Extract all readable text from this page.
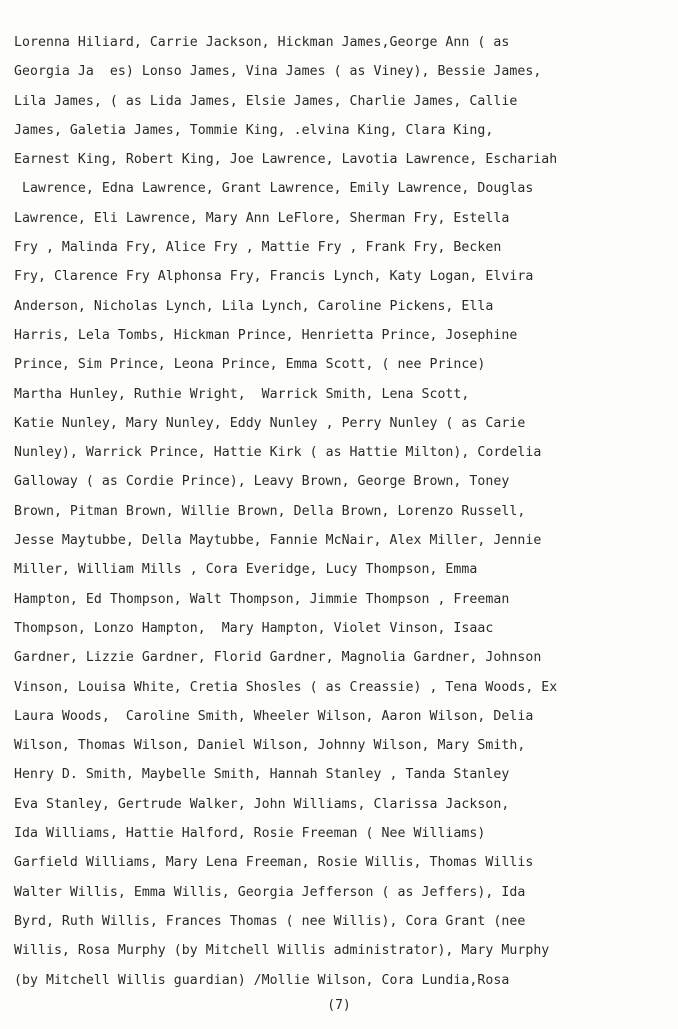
Lorenna Hiliard, Carrie Jackson, Hickman James,George Ann ( as
Georgia Ja  es) Lonso James, Vina James ( as Viney), Bessie James,
Lila James, ( as Lida James, Elsie James, Charlie James, Callie
James, Galetia James, Tommie King, .elvina King, Clara King,
Earnest King, Robert King, Joe Lawrence, Lavotia Lawrence, Eschariah
Lawrence, Edna Lawrence, Grant Lawrence, Emily Lawrence, Douglas
Lawrence, Eli Lawrence, Mary Ann LeFlore, Sherman Fry, Estella
Fry , Malinda Fry, Alice Fry , Mattie Fry , Frank Fry, Becken
Fry, Clarence Fry Alphonsa Fry, Francis Lynch, Katy Logan, Elvira
Anderson, Nicholas Lynch, Lila Lynch, Caroline Pickens, Ella
Harris, Lela Tombs, Hickman Prince, Henrietta Prince, Josephine
Prince, Sim Prince, Leona Prince, Emma Scott, ( nee Prince)
Martha Hunley, Ruthie Wright,  Warrick Smith, Lena Scott,
Katie Nunley, Mary Nunley, Eddy Nunley , Perry Nunley ( as Carie
Nunley), Warrick Prince, Hattie Kirk ( as Hattie Milton), Cordelia
Galloway ( as Cordie Prince), Leavy Brown, George Brown, Toney
Brown, Pitman Brown, Willie Brown, Della Brown, Lorenzo Russell,
Jesse Maytubbe, Della Maytubbe, Fannie McNair, Alex Miller, Jennie
Miller, William Mills , Cora Everidge, Lucy Thompson, Emma
Hampton, Ed Thompson, Walt Thompson, Jimmie Thompson , Freeman
Thompson, Lonzo Hampton,  Mary Hampton, Violet Vinson, Isaac
Gardner, Lizzie Gardner, Florid Gardner, Magnolia Gardner, Johnson
Vinson, Louisa White, Cretia Shosles ( as Creassie) , Tena Woods, Ex
Laura Woods,  Caroline Smith, Wheeler Wilson, Aaron Wilson, Delia
Wilson, Thomas Wilson, Daniel Wilson, Johnny Wilson, Mary Smith,
Henry D. Smith, Maybelle Smith, Hannah Stanley , Tanda Stanley
Eva Stanley, Gertrude Walker, John Williams, Clarissa Jackson,
Ida Williams, Hattie Halford, Rosie Freeman ( Nee Williams)
Garfield Williams, Mary Lena Freeman, Rosie Willis, Thomas Willis
Walter Willis, Emma Willis, Georgia Jefferson ( as Jeffers), Ida
Byrd, Ruth Willis, Frances Thomas ( nee Willis), Cora Grant (nee
Willis, Rosa Murphy (by Mitchell Willis administrator), Mary Murphy
(by Mitchell Willis guardian) /Mollie Wilson, Cora Lundia,Rosa
(7)
